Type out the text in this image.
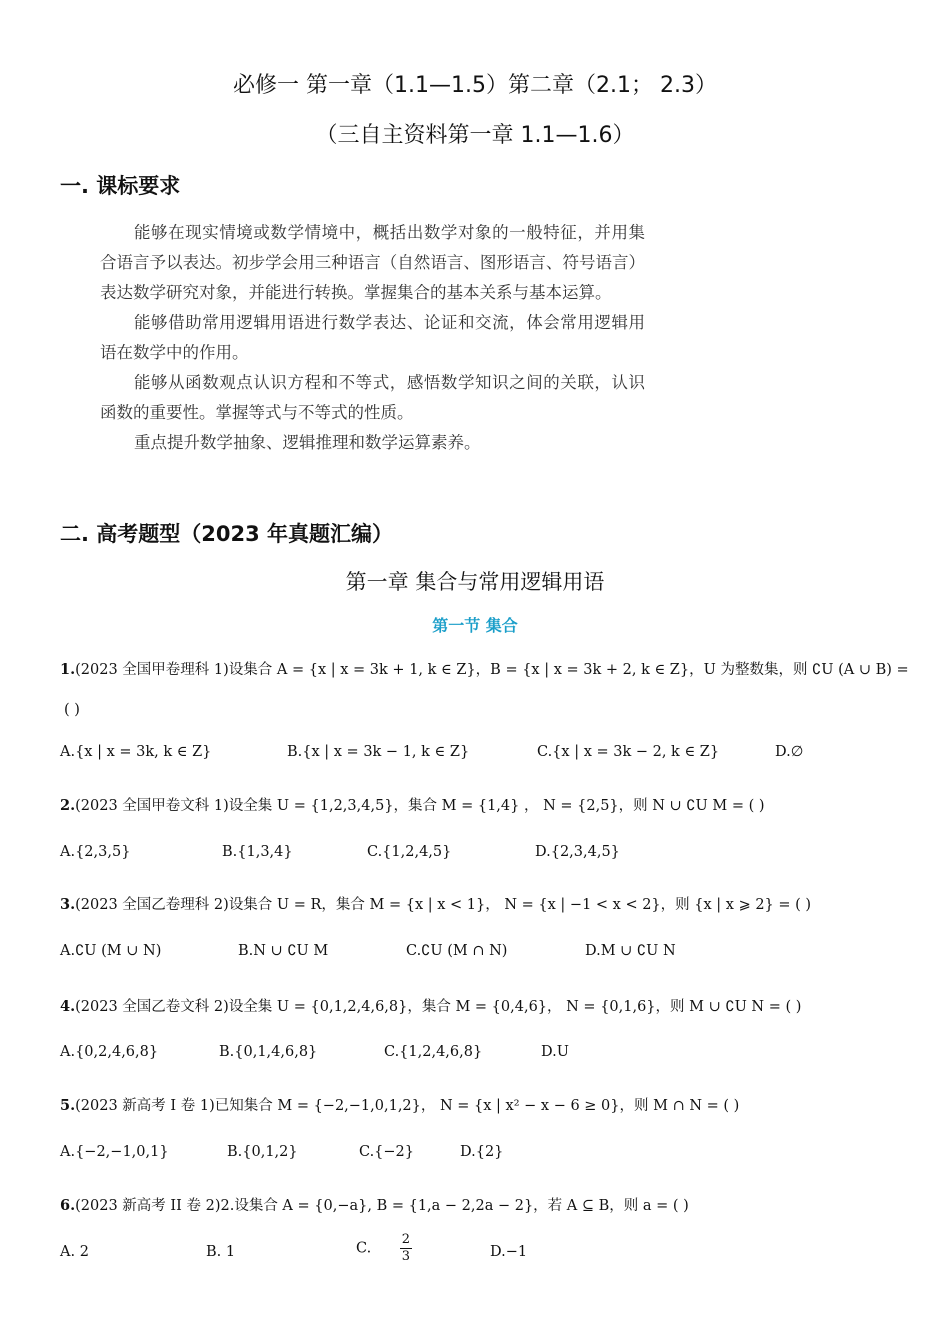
必修一 第一章（1.1—1.5）第二章（2.1； 2.3）
（三自主资料第一章 1.1—1.6）
一. 课标要求

能够在现实情境或数学情境中，概括出数学对象的一般特征，并用集合语言予以表达。初步学会用三种语言（自然语言、图形语言、符号语言）表达数学研究对象，并能进行转换。掌握集合的基本关系与基本运算。

能够借助常用逻辑用语进行数学表达、论证和交流，体会常用逻辑用语在数学中的作用。

能够从函数观点认识方程和不等式，感悟数学知识之间的关联，认识函数的重要性。掌握等式与不等式的性质。

重点提升数学抽象、逻辑推理和数学运算素养。

二. 高考题型（2023 年真题汇编）
第一章 集合与常用逻辑用语
第一节 集合
1.(2023 全国甲卷理科 1)设集合 A = {x | x = 3k + 1, k ∈ Z}，B = {x | x = 3k + 2, k ∈ Z}，U 为整数集，则 ∁U (A ∪ B) =
( )
A.{x | x = 3k, k ∈ Z}	B.{x | x = 3k − 1, k ∈ Z}	C.{x | x = 3k − 2, k ∈ Z}	D.∅
2.(2023 全国甲卷文科 1)设全集 U = {1,2,3,4,5}，集合 M = {1,4} ， N = {2,5}，则 N ∪ ∁U M = ( )
A.{2,3,5}	B.{1,3,4}	C.{1,2,4,5}	D.{2,3,4,5}
3.(2023 全国乙卷理科 2)设集合 U = R，集合 M = {x | x < 1}， N = {x | −1 < x < 2}，则 {x | x ⩾ 2} = ( )
A.∁U (M ∪ N)	B.N ∪ ∁U M	C.∁U (M ∩ N)	D.M ∪ ∁U N
4.(2023 全国乙卷文科 2)设全集 U = {0,1,2,4,6,8}，集合 M = {0,4,6}， N = {0,1,6}，则 M ∪ ∁U N = ( )
A.{0,2,4,6,8}	B.{0,1,4,6,8}	C.{1,2,4,6,8}	D.U
5.(2023 新高考 I 卷 1)已知集合 M = {−2,−1,0,1,2}， N = {x | x² − x − 6 ≥ 0}，则 M ∩ N = ( )
A.{−2,−1,0,1}	B.{0,1,2}	C.{−2}	D.{2}
6.(2023 新高考 II 卷 2)2.设集合 A = {0,−a}, B = {1,a − 2,2a − 2}，若 A ⊆ B，则 a = ( )
A. 2	B. 1	C. $\frac{2}{3}$	D.−1
